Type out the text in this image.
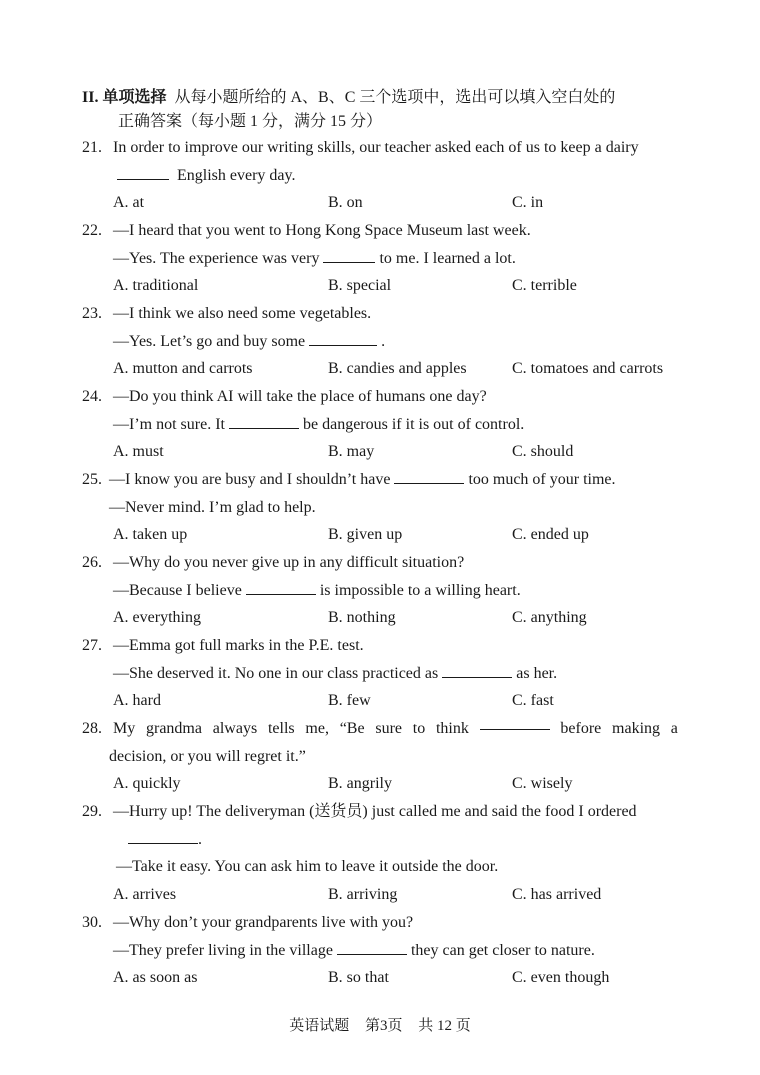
II. 单项选择 从每小题所给的 A、B、C 三个选项中，选出可以填入空白处的
正确答案（每小题 1 分，满分 15 分）
21. In order to improve our writing skills, our teacher asked each of us to keep a dairy
English every day.
A. at	B. on	C. in
22. —I heard that you went to Hong Kong Space Museum last week.
—Yes. The experience was very	to me. I learned a lot.
A. traditional	B. special	C. terrible
23. —I think we also need some vegetables.
—Yes. Let’s go and buy some	.
A. mutton and carrots	B. candies and apples	C. tomatoes and carrots
24. —Do you think AI will take the place of humans one day?
—I’m not sure. It	be dangerous if it is out of control.
A. must	B. may	C. should
25. —I know you are busy and I shouldn’t have	too much of your time.
—Never mind. I’m glad to help.
A. taken up	B. given up	C. ended up
26. —Why do you never give up in any difficult situation?
—Because I believe	is impossible to a willing heart.
A. everything	B. nothing	C. anything
27. —Emma got full marks in the P.E. test.
—She deserved it. No one in our class practiced as	as her.
A. hard	B. few	C. fast
28. My grandma always tells me, “Be sure to think	before making a
decision, or you will regret it.”
A. quickly	B. angrily	C. wisely
29. —Hurry up! The deliveryman (送货员) just called me and said the food I ordered
.
—Take it easy. You can ask him to leave it outside the door.
A. arrives	B. arriving	C. has arrived
30. —Why don’t your grandparents live with you?
—They prefer living in the village	they can get closer to nature.
A. as soon as	B. so that	C. even though
英语试题 第3页 共 12 页
